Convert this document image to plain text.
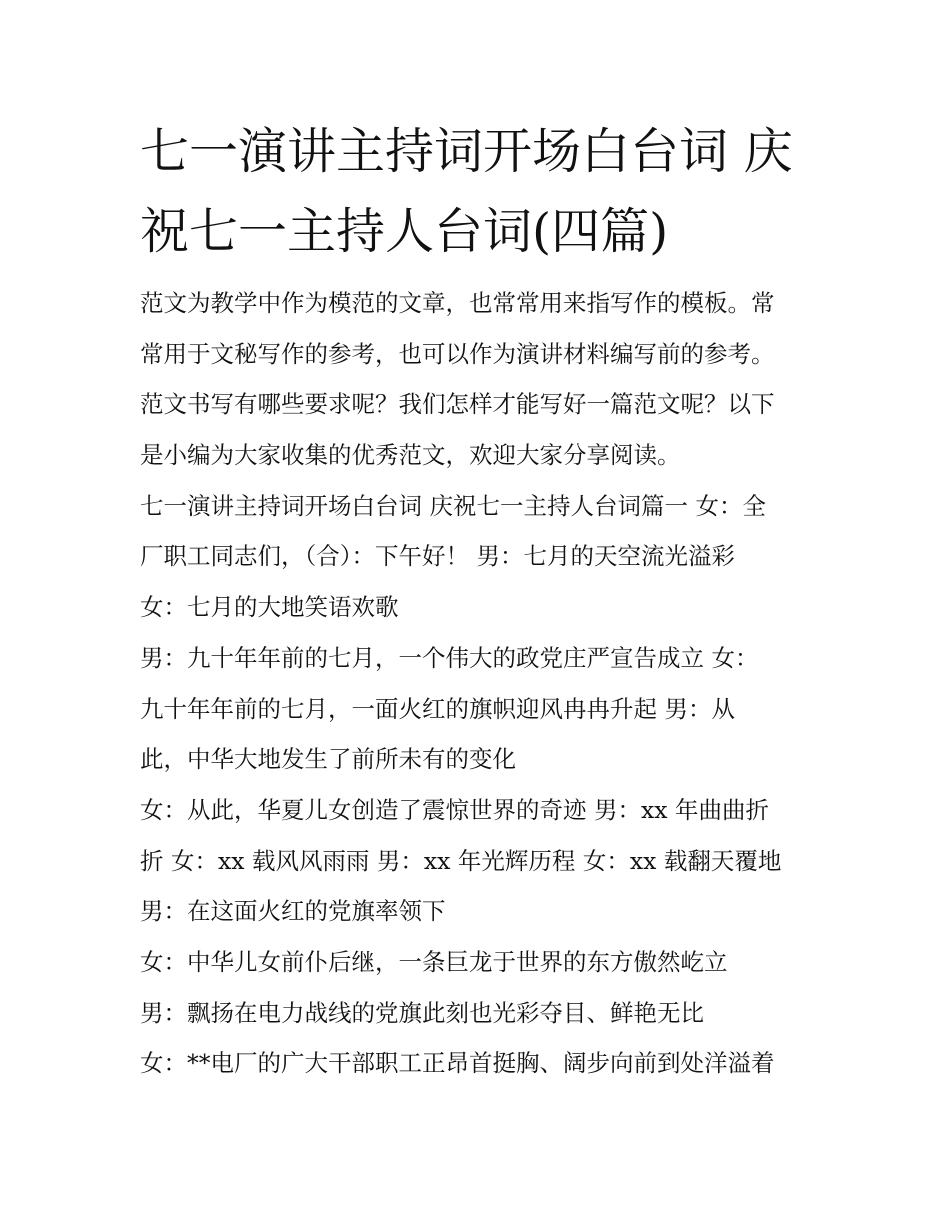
七一演讲主持词开场白台词 庆
祝七一主持人台词(四篇)
范文为教学中作为模范的文章，也常常用来指写作的模板。常
常用于文秘写作的参考，也可以作为演讲材料编写前的参考。
范文书写有哪些要求呢？我们怎样才能写好一篇范文呢？以下
是小编为大家收集的优秀范文，欢迎大家分享阅读。
七一演讲主持词开场白台词 庆祝七一主持人台词篇一 女：全
厂职工同志们，（合）：下午好！ 男：七月的天空流光溢彩
女：七月的大地笑语欢歌
男：九十年年前的七月，一个伟大的政党庄严宣告成立 女：
九十年年前的七月，一面火红的旗帜迎风冉冉升起 男：从
此，中华大地发生了前所未有的变化
女：从此，华夏儿女创造了震惊世界的奇迹 男：xx 年曲曲折
折 女：xx 载风风雨雨 男：xx 年光辉历程 女：xx 载翻天覆地
男：在这面火红的党旗率领下
女：中华儿女前仆后继，一条巨龙于世界的东方傲然屹立
男：飘扬在电力战线的党旗此刻也光彩夺目、鲜艳无比
女：**电厂的广大干部职工正昂首挺胸、阔步向前到处洋溢着
